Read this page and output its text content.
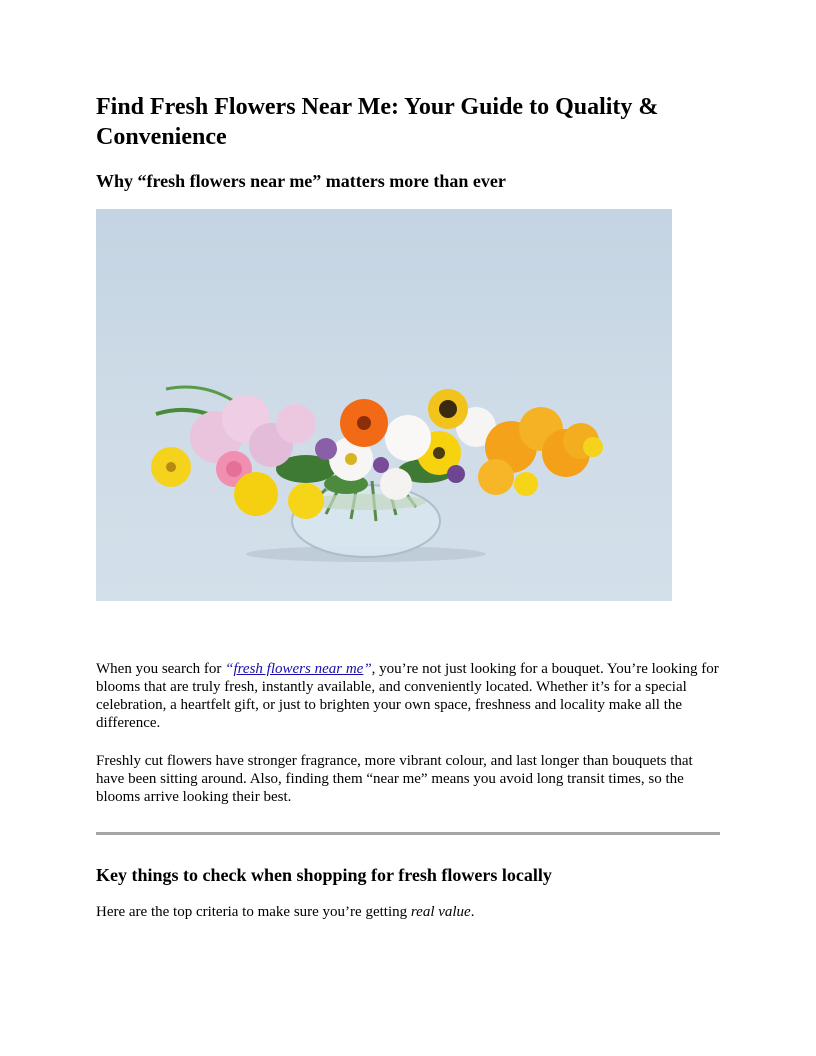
Find Fresh Flowers Near Me: Your Guide to Quality & Convenience
Why “fresh flowers near me” matters more than ever

When you search for “fresh flowers near me”, you’re not just looking for a bouquet. You’re looking for blooms that are truly fresh, instantly available, and conveniently located. Whether it’s for a special celebration, a heartfelt gift, or just to brighten your own space, freshness and locality make all the difference.

Freshly cut flowers have stronger fragrance, more vibrant colour, and last longer than bouquets that have been sitting around. Also, finding them “near me” means you avoid long transit times, so the blooms arrive looking their best.

Key things to check when shopping for fresh flowers locally

Here are the top criteria to make sure you’re getting real value.
